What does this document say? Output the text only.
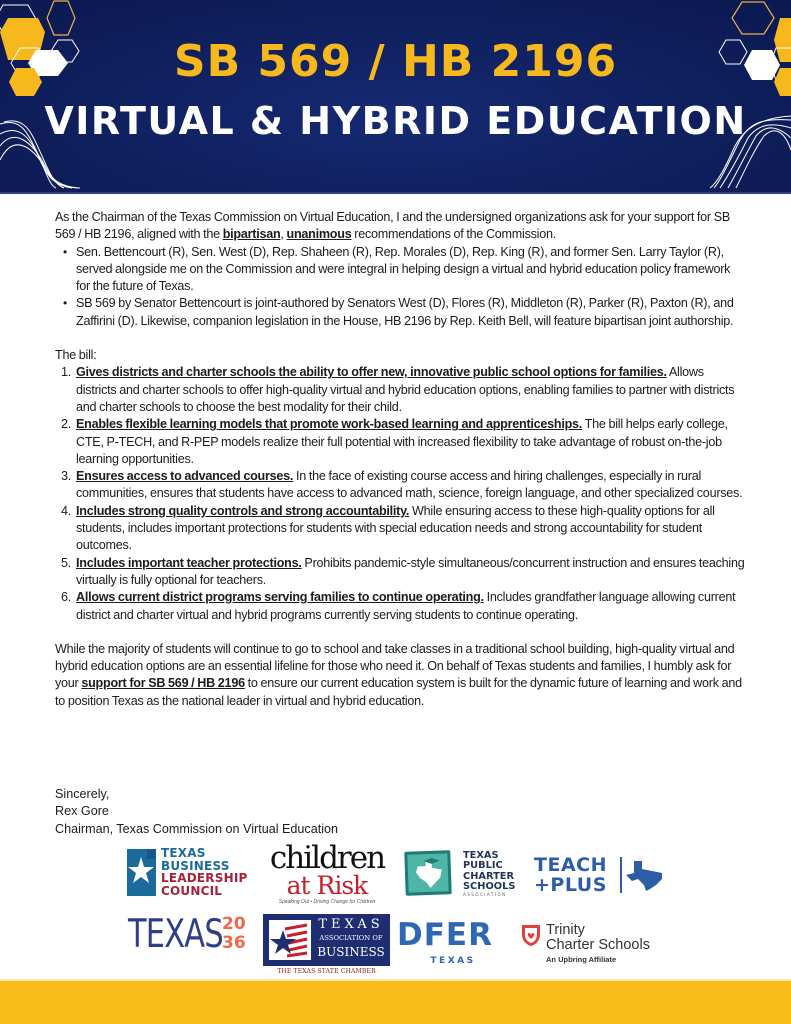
SB 569 / HB 2196
VIRTUAL & HYBRID EDUCATION

As the Chairman of the Texas Commission on Virtual Education, I and the undersigned organizations ask for your support for SB 569 / HB 2196, aligned with the bipartisan, unanimous recommendations of the Commission.

• Sen. Bettencourt (R), Sen. West (D), Rep. Shaheen (R), Rep. Morales (D), Rep. King (R), and former Sen. Larry Taylor (R), served alongside me on the Commission and were integral in helping design a virtual and hybrid education policy framework for the future of Texas.
• SB 569 by Senator Bettencourt is joint-authored by Senators West (D), Flores (R), Middleton (R), Parker (R), Paxton (R), and Zaffirini (D). Likewise, companion legislation in the House, HB 2196 by Rep. Keith Bell, will feature bipartisan joint authorship.

The bill:

1. Gives districts and charter schools the ability to offer new, innovative public school options for families. Allows districts and charter schools to offer high-quality virtual and hybrid education options, enabling families to partner with districts and charter schools to choose the best modality for their child.
2. Enables flexible learning models that promote work-based learning and apprenticeships. The bill helps early college, CTE, P-TECH, and R-PEP models realize their full potential with increased flexibility to take advantage of robust on-the-job learning opportunities.
3. Ensures access to advanced courses. In the face of existing course access and hiring challenges, especially in rural communities, ensures that students have access to advanced math, science, foreign language, and other specialized courses.
4. Includes strong quality controls and strong accountability. While ensuring access to these high-quality options for all students, includes important protections for students with special education needs and strong accountability for student outcomes.
5. Includes important teacher protections. Prohibits pandemic-style simultaneous/concurrent instruction and ensures teaching virtually is fully optional for teachers.
6. Allows current district programs serving families to continue operating. Includes grandfather language allowing current district and charter virtual and hybrid programs currently serving students to continue operating.

While the majority of students will continue to go to school and take classes in a traditional school building, high-quality virtual and hybrid education options are an essential lifeline for those who need it. On behalf of Texas students and families, I humbly ask for your support for SB 569 / HB 2196 to ensure our current education system is built for the dynamic future of learning and work and to position Texas as the national leader in virtual and hybrid education.

Sincerely,

Rex Gore

Chairman, Texas Commission on Virtual Education

TEXAS
BUSINESS
LEADERSHIP
COUNCIL
children
at Risk
Speaking Out • Driving Change for Children
TEXAS
PUBLIC
CHARTER
SCHOOLS
ASSOCIATION
TEACH
+PLUS
TEXAS 20
36
TEXAS
ASSOCIATION OF
BUSINESS
THE TEXAS STATE CHAMBER
DFER
TEXAS
Trinity
Charter Schools
An Upbring Affiliate
